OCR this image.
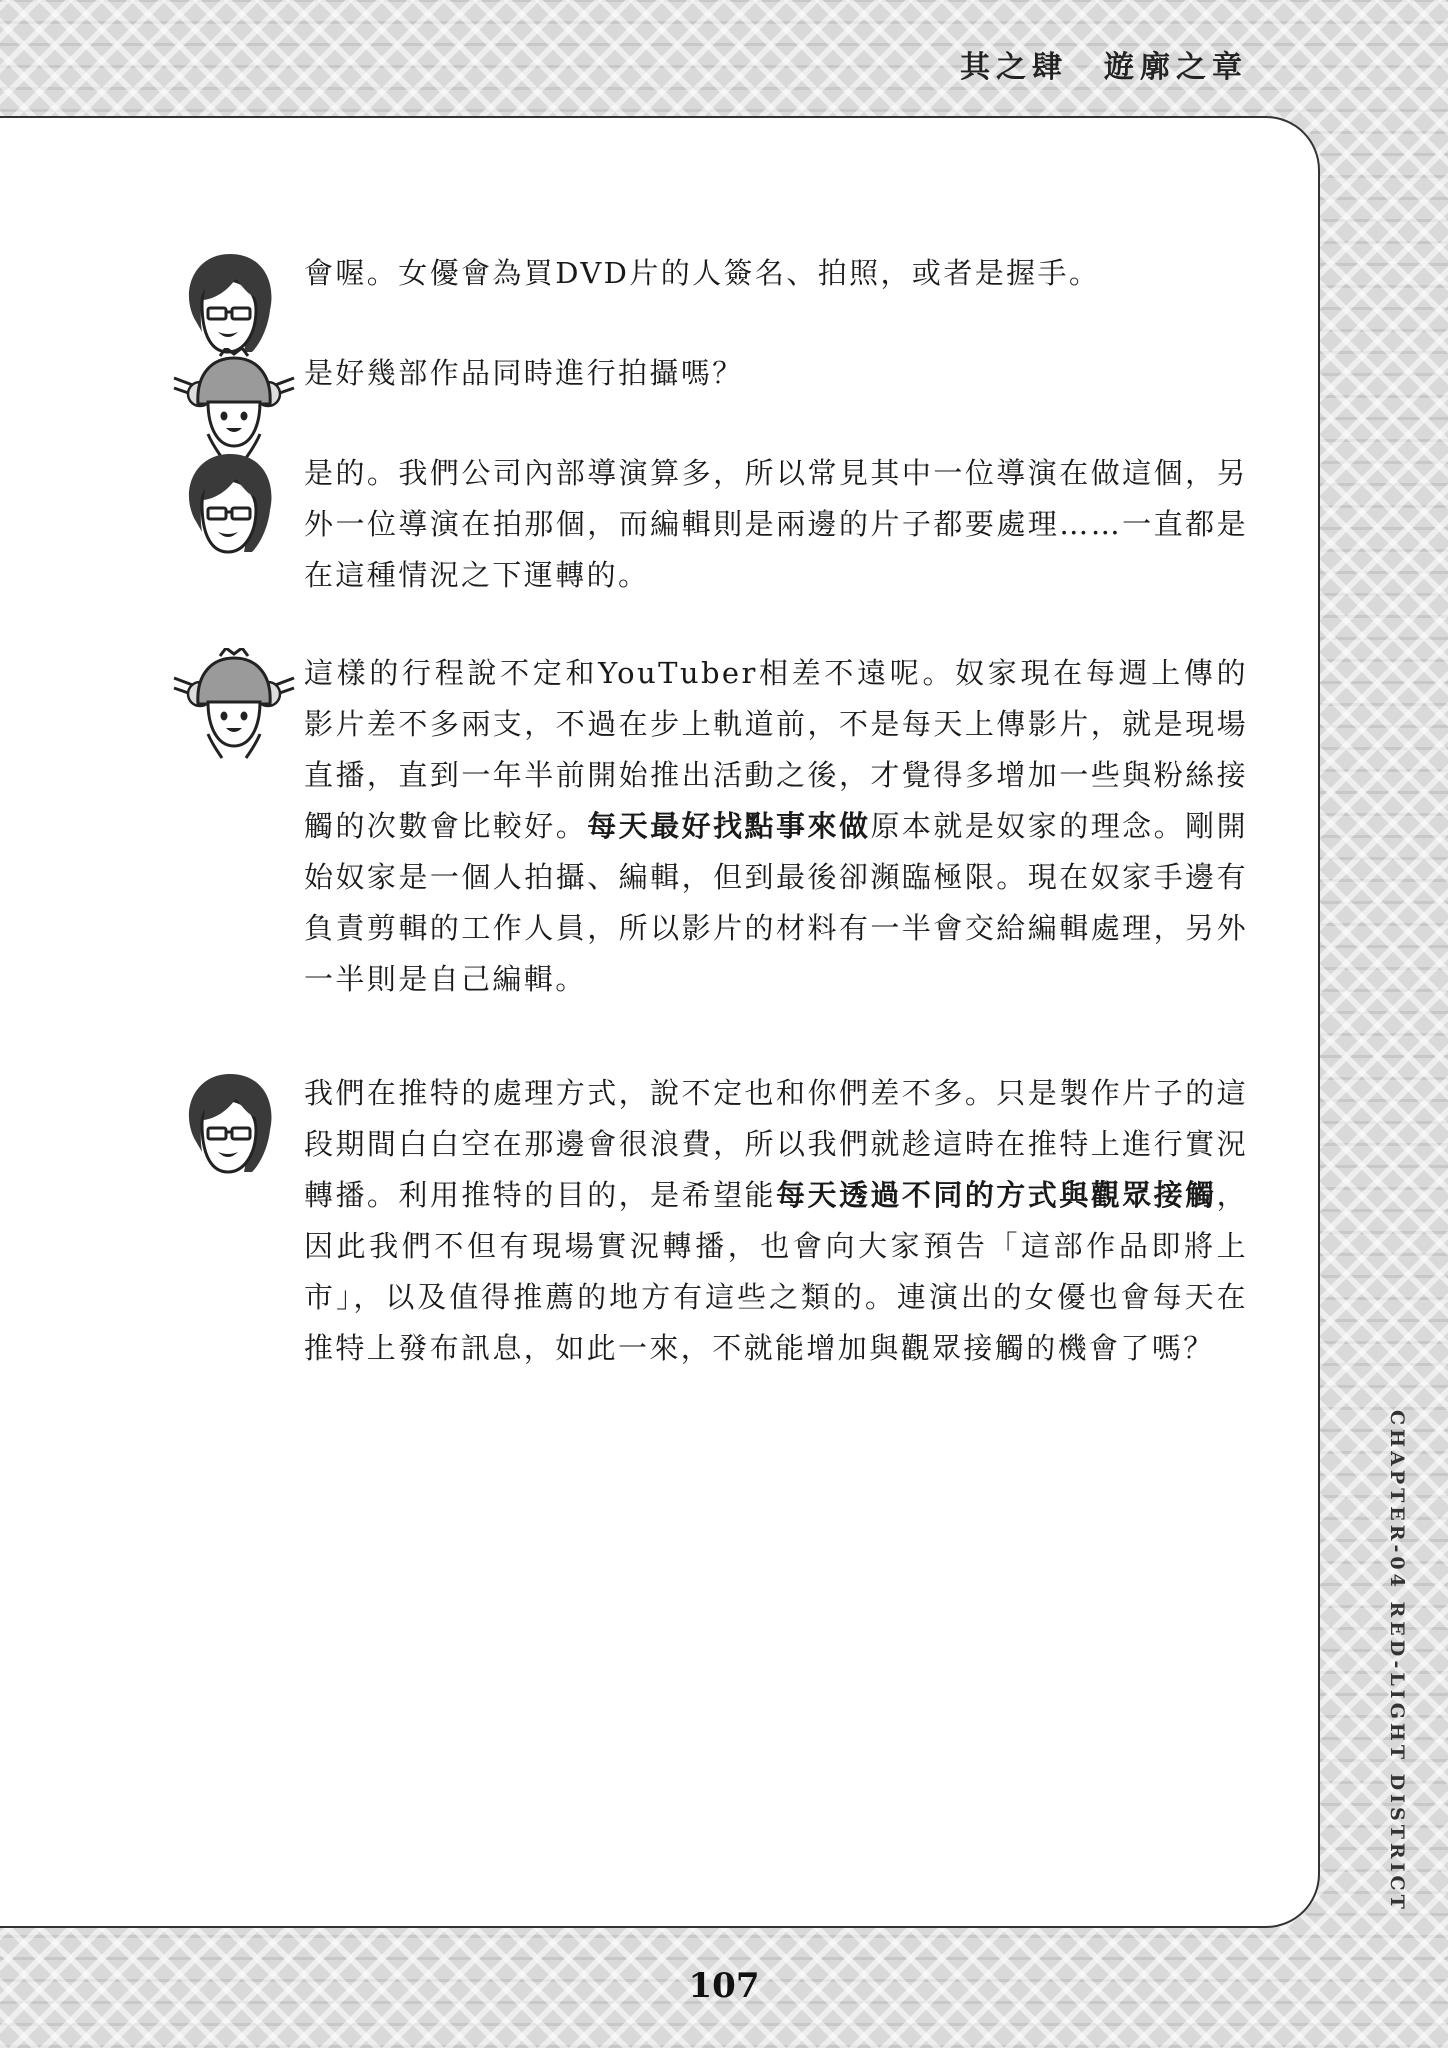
其之肆　遊廓之章

會喔。女優會為買DVD片的人簽名、拍照，或者是握手。

是好幾部作品同時進行拍攝嗎？

是的。我們公司內部導演算多，所以常見其中一位導演在做這個，另外一位導演在拍那個，而編輯則是兩邊的片子都要處理……一直都是在這種情況之下運轉的。

這樣的行程說不定和YouTuber相差不遠呢。奴家現在每週上傳的影片差不多兩支，不過在步上軌道前，不是每天上傳影片，就是現場直播，直到一年半前開始推出活動之後，才覺得多增加一些與粉絲接觸的次數會比較好。每天最好找點事來做原本就是奴家的理念。剛開始奴家是一個人拍攝、編輯，但到最後卻瀕臨極限。現在奴家手邊有負責剪輯的工作人員，所以影片的材料有一半會交給編輯處理，另外一半則是自己編輯。

我們在推特的處理方式，說不定也和你們差不多。只是製作片子的這段期間白白空在那邊會很浪費，所以我們就趁這時在推特上進行實況轉播。利用推特的目的，是希望能每天透過不同的方式與觀眾接觸，因此我們不但有現場實況轉播，也會向大家預告「這部作品即將上市」，以及值得推薦的地方有這些之類的。連演出的女優也會每天在推特上發布訊息，如此一來，不就能增加與觀眾接觸的機會了嗎？

CHAPTER-04 RED-LIGHT DISTRICT
107
